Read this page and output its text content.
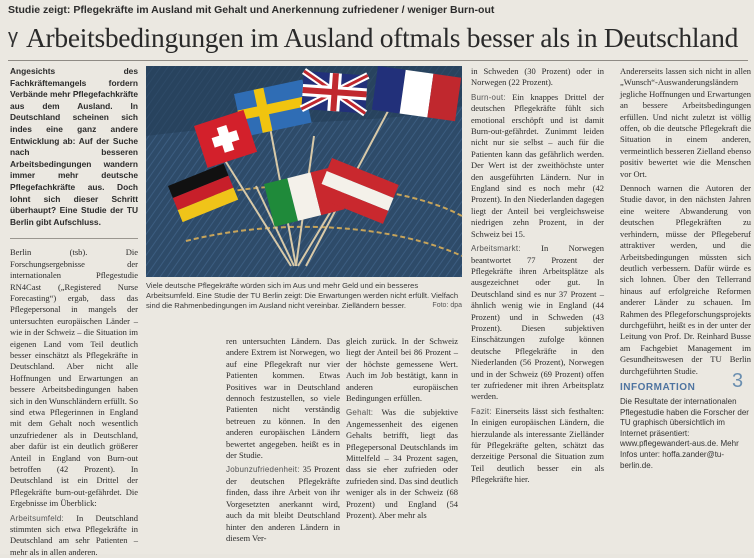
Studie zeigt: Pflegekräfte im Ausland mit Gehalt und Anerkennung zufriedener / weniger Burn-out
γ Arbeitsbedingungen im Ausland oftmals besser als in Deutschland

Angesichts des Fachkräftemangels fordern Verbände mehr Pflegefachkräfte aus dem Ausland. In Deutschland scheinen sich indes eine ganz andere Entwicklung ab: Auf der Suche nach besseren Arbeitsbedingungen wandern immer mehr deutsche Pflegefachkräfte aus. Doch lohnt sich dieser Schritt überhaupt? Eine Studie der TU Berlin gibt Aufschluss.

Berlin (tsb). Die Forschungsergebnisse der internationalen Pflegestudie RN4Cast („Registered Nurse Forecasting“) ergab, dass das Pflegepersonal in mangels der untersuchten europäischen Länder – wie in der Schweiz – die Situation im eigenen Land vom Teil deutlich besser einschätzt als Pflegekräfte in Deutschland. Aber nicht alle Hoffnungen und Erwartungen an bessere Arbeitsbedingungen haben sich in den Wunschländern erfüllt. So sind etwa Pflegerinnen in England mit dem Gehalt noch wesentlich unzufriedener als in Deutschland, aber dafür ist ein deutlich größerer Anteil in England von Burn-out betroffen (42 Prozent). In Deutschland ist ein Drittel der Pflegekräfte burn-out-gefährdet. Die Ergebnisse im Überblick:

Arbeitsumfeld: In Deutschland stimmten sich etwa Pflegekräfte in Deutschland am sehr Patienten – mehr als in allen anderen.

Viele deutsche Pflegekräfte würden sich im Aus und mehr Geld und ein besseres Arbeitsumfeld. Eine Studie der TU Berlin zeigt: Die Erwartungen werden nicht erfüllt. Vielfach sind die Rahmenbedingungen im Ausland nicht vereinbar. Zielländern besser.	Foto: dpa

ren untersuchten Ländern. Das andere Extrem ist Norwegen, wo auf eine Pflegekraft nur vier Patienten kommen. Etwas Positives war in Deutschland dennoch festzustellen, so viele Patienten nicht verständig betreuen zu können. In den anderen europäischen Ländern bewertet angegeben. heißt es in der Studie.

Jobunzufriedenheit: 35 Prozent der deutschen Pflegekräfte finden, dass ihre Arbeit von ihr Vorgesetzten anerkannt wird, auch da mit bleibt Deutschland hinter den anderen Ländern in diesem Ver-

gleich zurück. In der Schweiz liegt der Anteil bei 86 Prozent – der höchste gemessene Wert. Auch im Job bestätigt, kann in anderen europäischen Bedingungen erfüllen.

Gehalt: Was die subjektive Angemessenheit des eigenen Gehalts betrifft, liegt das Pflegepersonal Deutschlands im Mittelfeld – 34 Prozent sagen, dass sie eher zufrieden oder zufrieden sind. Das sind deutlich weniger als in der Schweiz (68 Prozent) und England (54 Prozent). Aber mehr als

in Schweden (30 Prozent) oder in Norwegen (22 Prozent).

Burn-out: Ein knappes Drittel der deutschen Pflegekräfte fühlt sich emotional erschöpft und ist damit Burn-out-gefährdet. Zunimmt leiden nicht nur sie selbst – auch für die Patienten kann das gefährlich werden. Der Wert ist der zweithöchste unter den ausgeführten Ländern. Nur in England sind es noch mehr (42 Prozent). In den Niederlanden dagegen liegt der Anteil bei vergleichsweise niedrigen zehn Prozent, in der Schweiz bei 15.

Arbeitsmarkt: In Norwegen beantwortet 77 Prozent der Pflegekräfte ihren Arbeitsplätze als ausgezeichnet oder gut. In Deutschland sind es nur 37 Prozent – ähnlich wenig wie in England (44 Prozent) und in Schweden (43 Prozent). Diesen subjektiven Einschätzungen zufolge können deutsche Pflegekräfte in den Niederlanden (56 Prozent), Norwegen und in der Schweiz (69 Prozent) offen ter zufriedener mit ihren Arbeitsplatz werden.

Fazit: Einerseits lässt sich festhalten: In einigen europäischen Ländern, die hierzulande als interessante Zielländer für Pflegekräfte gelten, schätzt das derzeitige Personal die Situation zum Teil deutlich besser ein als Pflegekräfte hier.

Andererseits lassen sich nicht in allen „Wunsch“-Auswanderungsländern jegliche Hoffnungen und Erwartungen an bessere Arbeitsbedingungen erfüllen. Und nicht zuletzt ist völlig offen, ob die deutsche Pflegekraft die Situation in einem anderen, vermeintlich besseren Zielland ebenso positiv bewertet wie die Menschen vor Ort.

Dennoch warnen die Autoren der Studie davor, in den nächsten Jahren eine weitere Abwanderung von deutschen Pflegekräften zu verhindern, müsse der Pflegeberuf attraktiver werden, und die Arbeitsbedingungen müssten sich deutlich verbessern. Dafür würde es sich lohnen. Über den Tellerrand hinaus auf erfolgreiche Reformen anderer Länder zu schauen. Im Rahmen des Pflegeforschungsprojekts durchgeführt, heißt es in der unter der Leitung von Prof. Dr. Reinhard Busse am Fachgebiet Management im Gesundheitswesen der TU Berlin durchgeführten Studie.	3
INFORMATION
Die Resultate der internationalen Pflegestudie haben die Forscher der TU graphisch übersichtlich im Internet präsentiert: www.pflegewandert-aus.de. Mehr Infos unter: hoffa.zander@tu-berlin.de.
